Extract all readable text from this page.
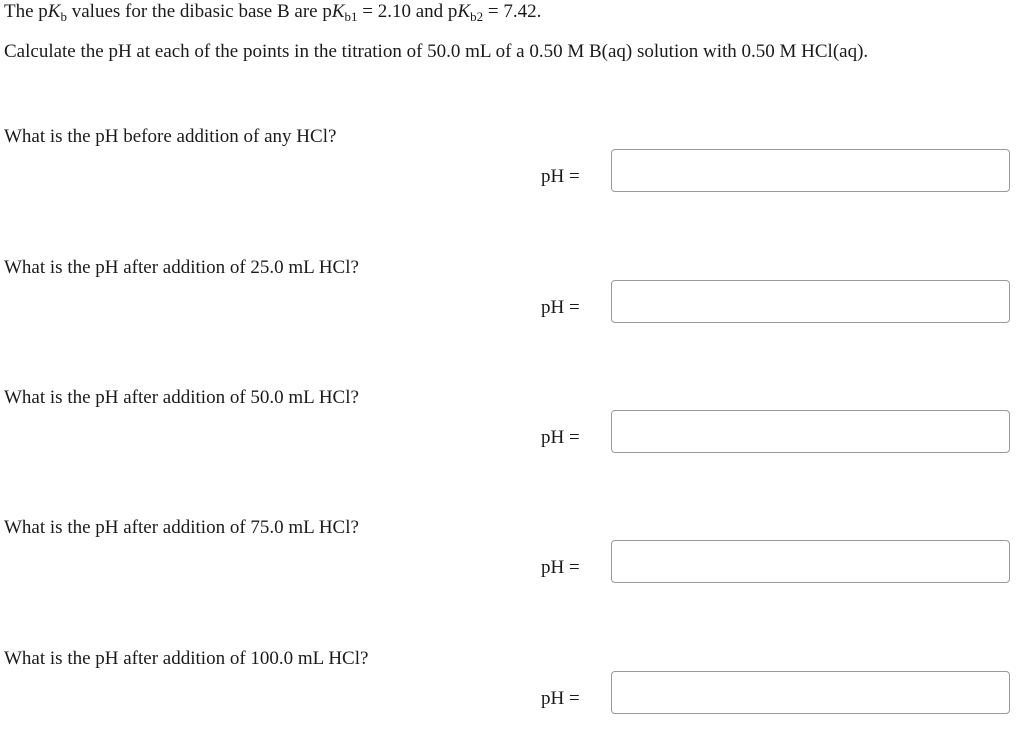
The $pK_b$ values for the dibasic base B are $pK_{b1} = 2.10$ and $pK_{b2} = 7.42$.
Calculate the pH at each of the points in the titration of 50.0 mL of a 0.50 M B(aq) solution with 0.50 M HCl(aq).
What is the pH before addition of any HCl?
pH =
What is the pH after addition of 25.0 mL HCl?
pH =
What is the pH after addition of 50.0 mL HCl?
pH =
What is the pH after addition of 75.0 mL HCl?
pH =
What is the pH after addition of 100.0 mL HCl?
pH =
